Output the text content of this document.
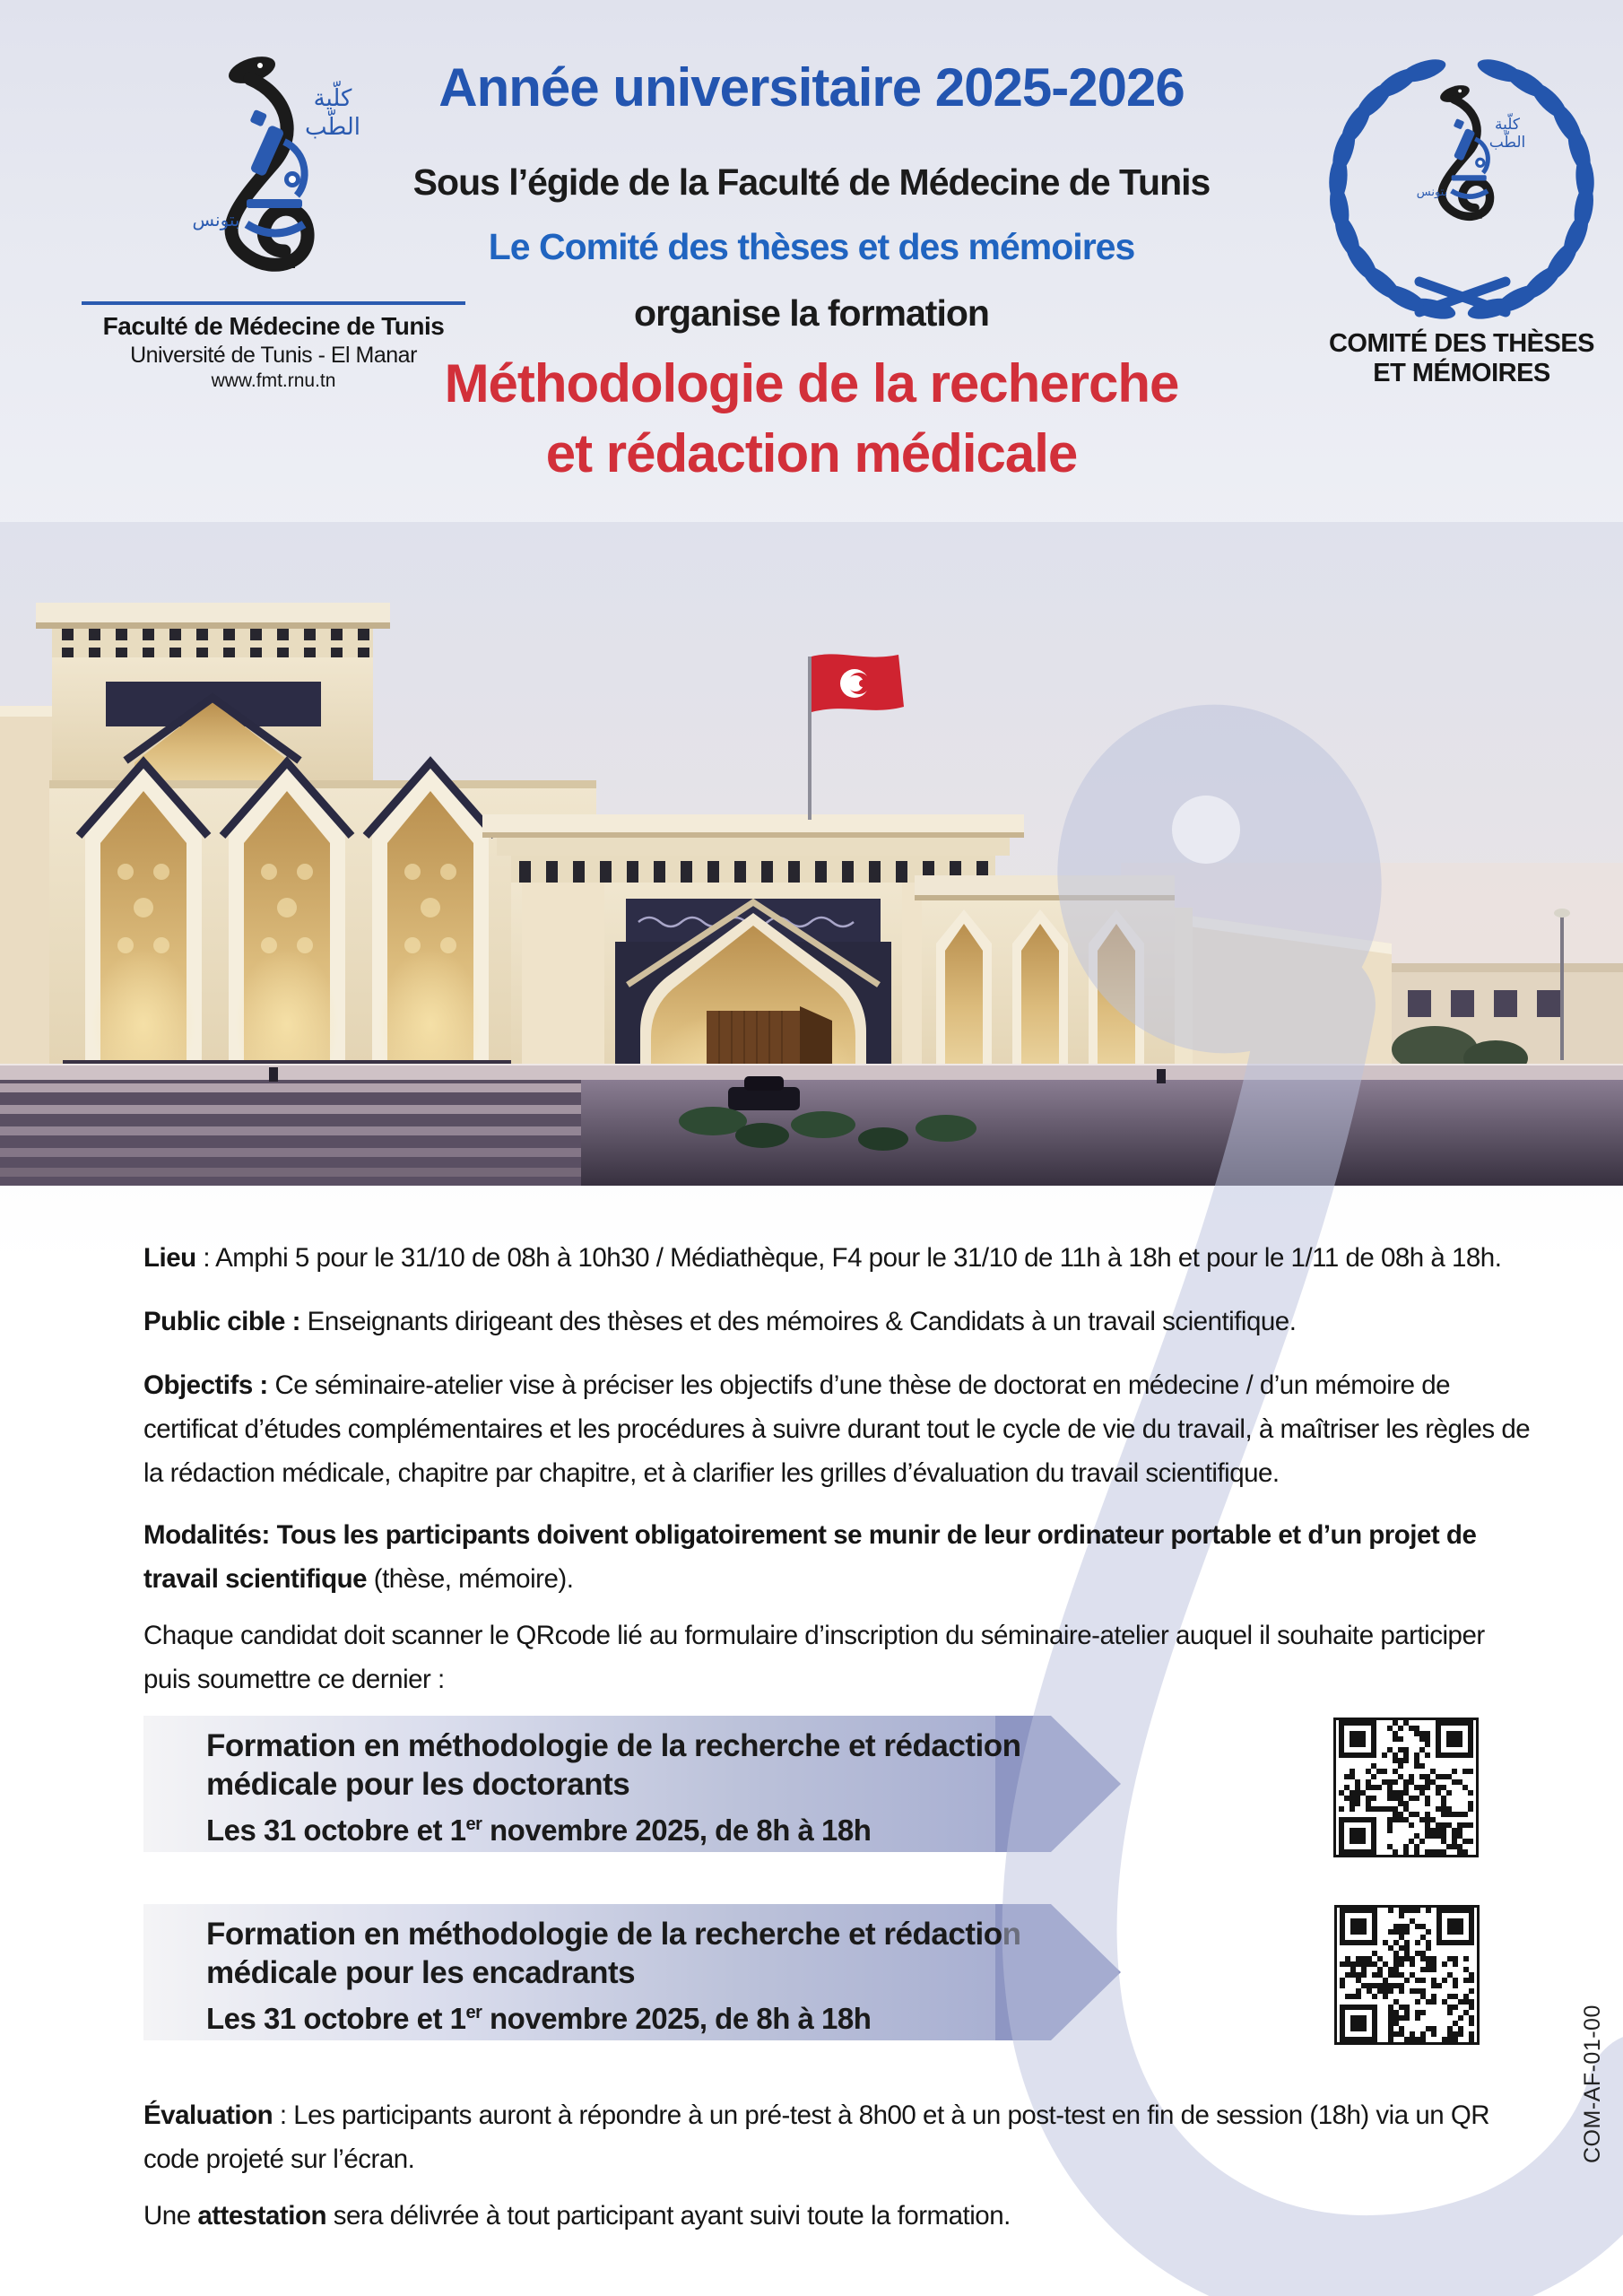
Formation en méthodologie de la recherche et rédaction
médicale pour les doctorants
Les 31 octobre et 1er novembre 2025, de 8h à 18h
Formation en méthodologie de la recherche et rédaction
médicale pour les encadrants
Les 31 octobre et 1er novembre 2025, de 8h à 18h
كلّية
الطّب
بتونس
Faculté de Médecine de Tunis
Université de Tunis - El Manar
www.fmt.rnu.tn
Année universitaire 2025-2026
Sous l’égide de la Faculté de Médecine de Tunis
Le Comité des thèses et des mémoires
organise la formation
Méthodologie de la recherche
et rédaction médicale
كلّية
الطّب
بتونس
COMITÉ DES THÈSES
ET MÉMOIRES

Lieu : Amphi 5 pour le 31/10 de 08h à 10h30 / Médiathèque, F4 pour le 31/10 de 11h à 18h et pour le 1/11 de 08h à 18h.

Public cible : Enseignants dirigeant des thèses et des mémoires & Candidats à un travail scientifique.

Objectifs : Ce séminaire-atelier vise à préciser les objectifs d’une thèse de doctorat en médecine / d’un mémoire de certificat d’études complémentaires et les procédures à suivre durant tout le cycle de vie du travail, à maîtriser les règles de la rédaction médicale, chapitre par chapitre, et à clarifier les grilles d’évaluation du travail scientifique.

Modalités: Tous les participants doivent obligatoirement se munir de leur ordinateur portable et d’un projet de travail scientifique (thèse, mémoire).

Chaque candidat doit scanner le QRcode lié au formulaire d’inscription du séminaire-atelier auquel il souhaite participer puis soumettre ce dernier :

Évaluation : Les participants auront à répondre à un pré-test à 8h00 et à un post-test en fin de session (18h) via un QR code projeté sur l’écran.

Une attestation sera délivrée à tout participant ayant suivi toute la formation.

COM-AF-01-00
